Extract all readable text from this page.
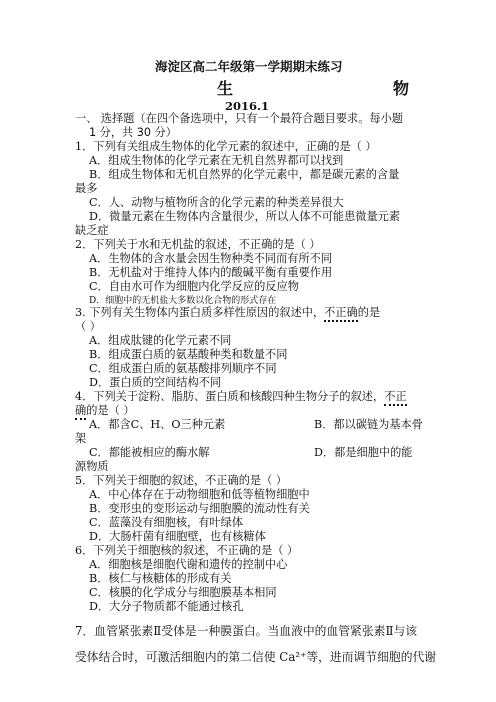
海淀区高二年级第一学期期末练习
生	物
2016.1
一、 选择题（在四个备选项中，只有一个最符合题目要求。每小题
1 分，共 30 分）
1．下列有关组成生物体的化学元素的叙述中，正确的是（ ）
A．组成生物体的化学元素在无机自然界都可以找到
B．组成生物体和无机自然界的化学元素中，都是碳元素的含量
最多
C．人、动物与植物所含的化学元素的种类差异很大
D．微量元素在生物体内含量很少，所以人体不可能患微量元素
缺乏症
2．下列关于水和无机盐的叙述，不正确的是（ ）
A．生物体的含水量会因生物种类不同而有所不同
B．无机盐对于维持人体内的酸碱平衡有重要作用
C．自由水可作为细胞内化学反应的反应物
D．细胞中的无机盐大多数以化合物的形式存在
3. 下列有关生物体内蛋白质多样性原因的叙述中，不正确的是
（ ）
A．组成肽键的化学元素不同
B．组成蛋白质的氨基酸种类和数量不同
C．组成蛋白质的氨基酸排列顺序不同
D．蛋白质的空间结构不同
4．下列关于淀粉、脂肪、蛋白质和核酸四种生物分子的叙述，不正
确的是（ ）
A．都含C、H、O三种元素	B．都以碳链为基本骨
架
C．都能被相应的酶水解	D．都是细胞中的能
源物质
5．下列关于细胞的叙述，不正确的是（ ）
A．中心体存在于动物细胞和低等植物细胞中
B．变形虫的变形运动与细胞膜的流动性有关
C．蓝藻没有细胞核，有叶绿体
D．大肠杆菌有细胞壁，也有核糖体
6．下列关于细胞核的叙述，不正确的是（ ）
A．细胞核是细胞代谢和遗传的控制中心
B．核仁与核糖体的形成有关
C．核膜的化学成分与细胞膜基本相同
D．大分子物质都不能通过核孔
7．血管紧张素Ⅱ受体是一种膜蛋白。当血液中的血管紧张素Ⅱ与该
受体结合时，可激活细胞内的第二信使 Ca²⁺等，进而调节细胞的代谢
